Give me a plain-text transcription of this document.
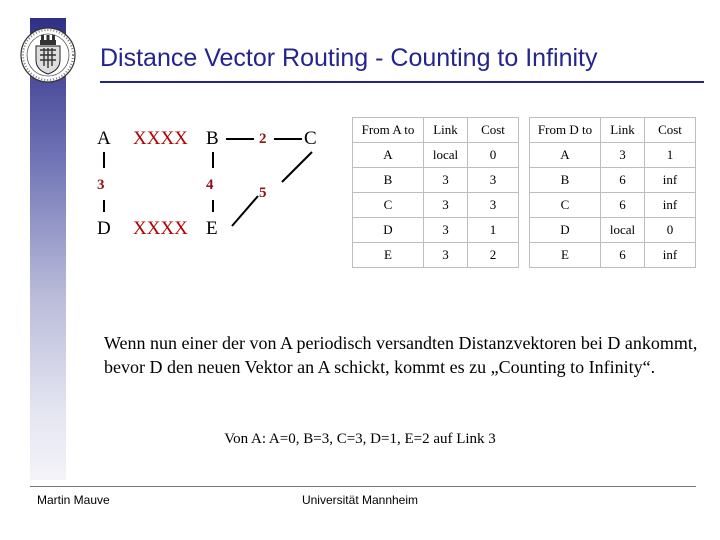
Distance Vector Routing - Counting to Infinity
A XXXX B	2 C
3	4	5
D XXXX E
From A to	Link	Cost
A	local	0
B	3	3
C	3	3
D	3	1
E	3	2
From D to	Link	Cost
A	3	1
B	6	inf
C	6	inf
D	local	0
E	6	inf

Wenn nun einer der von A periodisch versandten Distanzvektoren bei D ankommt, bevor D den neuen Vektor an A schickt, kommt es zu „Counting to Infinity“.

Von A: A=0, B=3, C=3, D=1, E=2 auf Link 3
Martin Mauve	Universität Mannheim
